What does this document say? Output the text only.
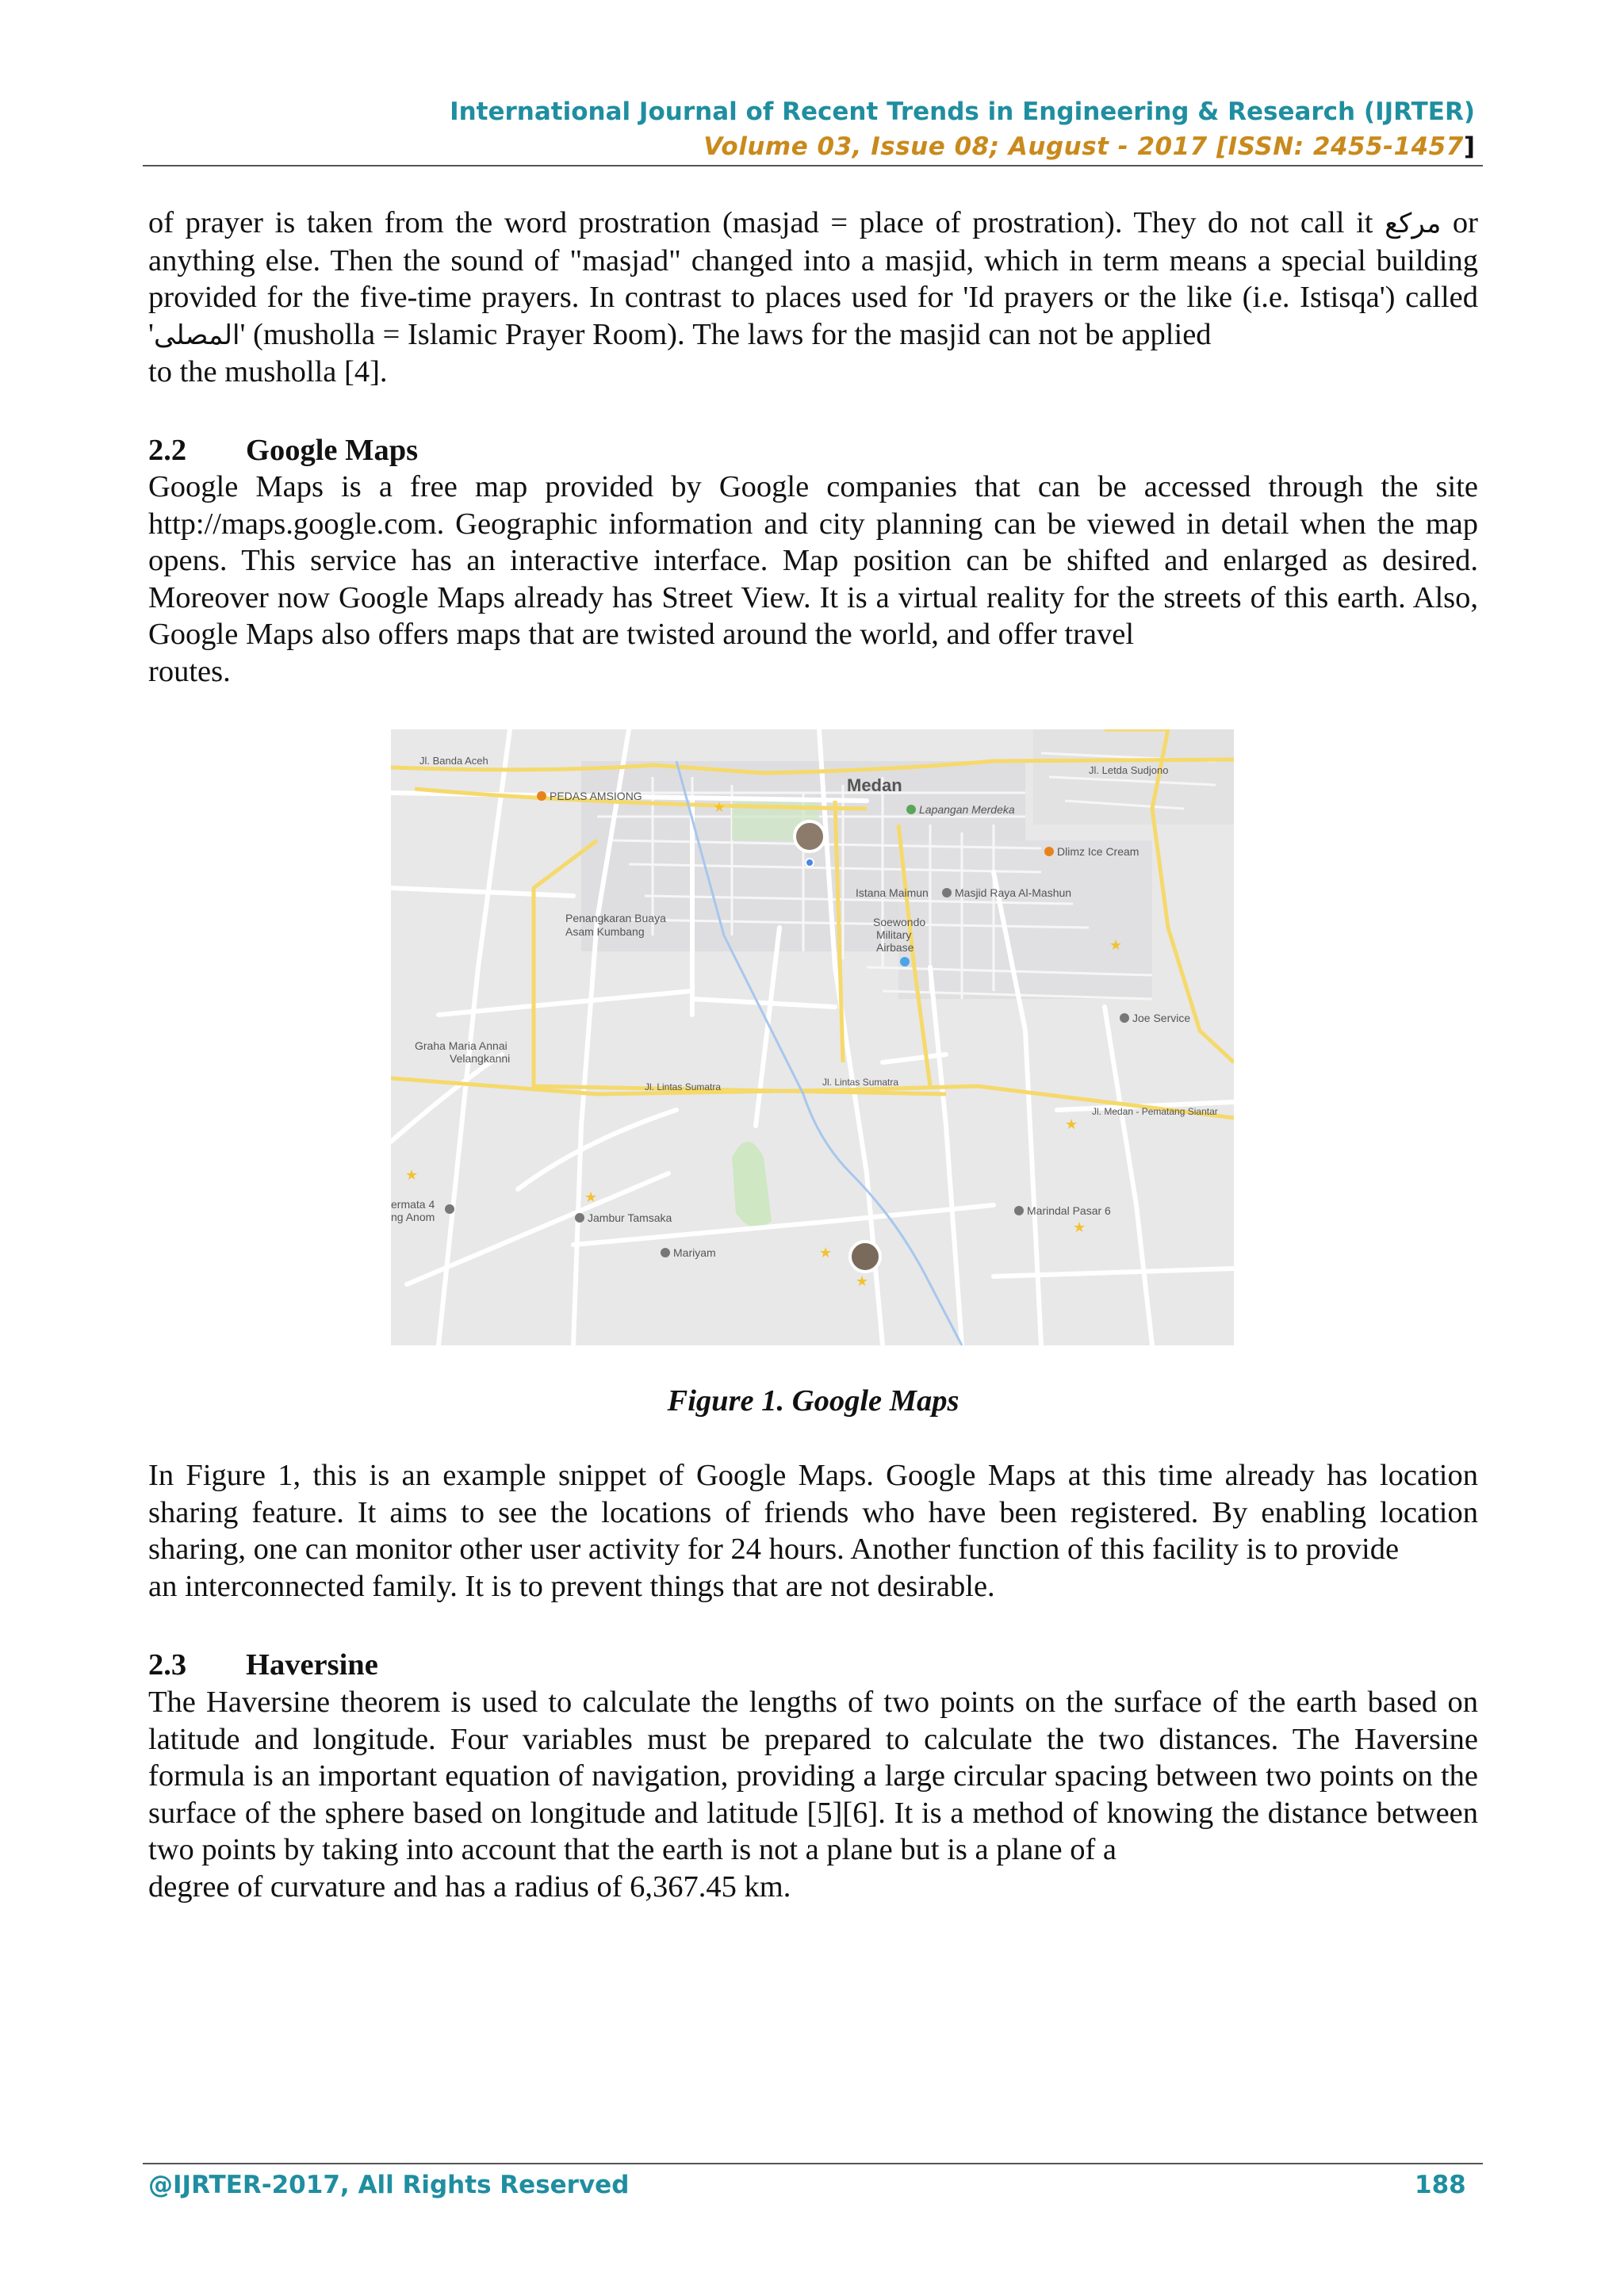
International Journal of Recent Trends in Engineering & Research (IJRTER)
Volume 03, Issue 08; August - 2017 [ISSN: 2455-1457]
of prayer is taken from the word prostration (masjad = place of prostration). They do not call it مركع or anything else. Then the sound of "masjad" changed into a masjid, which in term means a special building provided for the five-time prayers. In contrast to places used for 'Id prayers or the like (i.e. Istisqa') called 'المصلى' (musholla = Islamic Prayer Room). The laws for the masjid can not be applied
to the musholla [4].
2.2 Google Maps
Google Maps is a free map provided by Google companies that can be accessed through the site http://maps.google.com. Geographic information and city planning can be viewed in detail when the map opens. This service has an interactive interface. Map position can be shifted and enlarged as desired. Moreover now Google Maps already has Street View. It is a virtual reality for the streets of this earth. Also, Google Maps also offers maps that are twisted around the world, and offer travel
routes.
Jl. Banda Aceh
Jl. Letda Sudjono
Medan
Lapangan Merdeka
PEDAS AMSIONG
Dlimz Ice Cream
Istana Maimun Masjid Raya Al-Mashun
Penangkaran Buaya
Asam Kumbang
Soewondo
Military
Airbase
Joe Service
Graha Maria Annai
Velangkanni
Jl. Lintas Sumatra	Jl. Lintas Sumatra
Jl. Medan - Pematang Siantar
ermata 4
ng Anom	Jambur Tamsaka
Mariyam
Marindal Pasar 6
★
★
★
★
★
★
★
★
Figure 1. Google Maps
In Figure 1, this is an example snippet of Google Maps. Google Maps at this time already has location sharing feature. It aims to see the locations of friends who have been registered. By enabling location sharing, one can monitor other user activity for 24 hours. Another function of this facility is to provide
an interconnected family. It is to prevent things that are not desirable.
2.3 Haversine
The Haversine theorem is used to calculate the lengths of two points on the surface of the earth based on latitude and longitude. Four variables must be prepared to calculate the two distances. The Haversine formula is an important equation of navigation, providing a large circular spacing between two points on the surface of the sphere based on longitude and latitude [5][6]. It is a method of knowing the distance between two points by taking into account that the earth is not a plane but is a plane of a
degree of curvature and has a radius of 6,367.45 km.
@IJRTER-2017, All Rights Reserved	188
